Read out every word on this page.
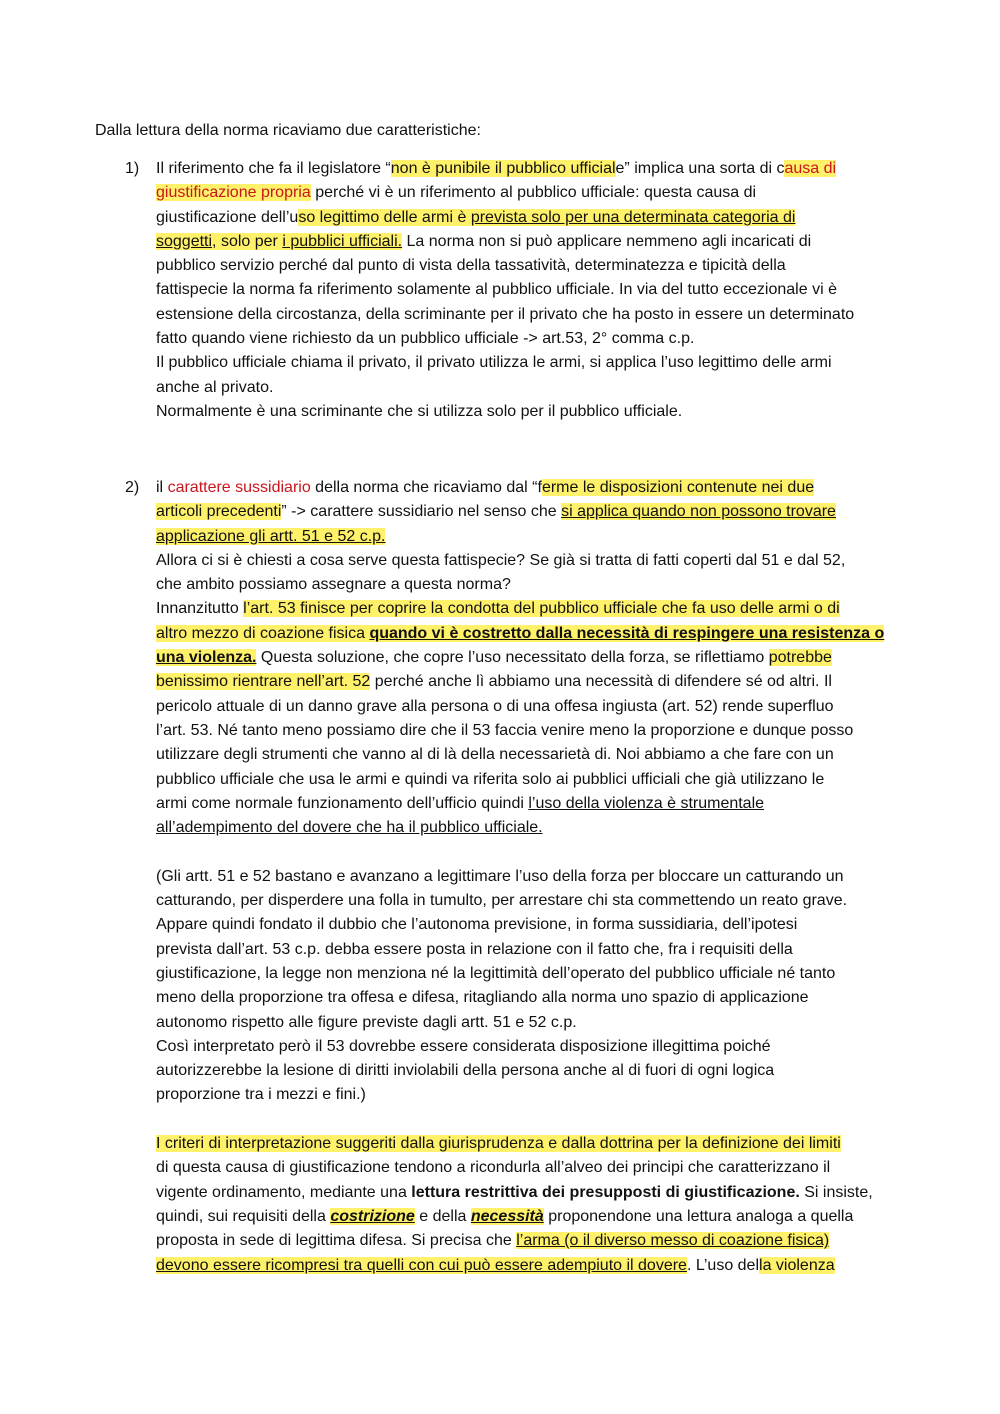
Dalla lettura della norma ricaviamo due caratteristiche:
1)	Il riferimento che fa il legislatore “non è punibile il pubblico ufficiale” implica una sorta di causa di
giustificazione propria perché vi è un riferimento al pubblico ufficiale: questa causa di
giustificazione dell’uso legittimo delle armi è prevista solo per una determinata categoria di
soggetti, solo per i pubblici ufficiali. La norma non si può applicare nemmeno agli incaricati di
pubblico servizio perché dal punto di vista della tassatività, determinatezza e tipicità della
fattispecie la norma fa riferimento solamente al pubblico ufficiale. In via del tutto eccezionale vi è
estensione della circostanza, della scriminante per il privato che ha posto in essere un determinato
fatto quando viene richiesto da un pubblico ufficiale -> art.53, 2° comma c.p.
Il pubblico ufficiale chiama il privato, il privato utilizza le armi, si applica l’uso legittimo delle armi
anche al privato.
Normalmente è una scriminante che si utilizza solo per il pubblico ufficiale.
2)	il carattere sussidiario della norma che ricaviamo dal “ferme le disposizioni contenute nei due
articoli precedenti” -> carattere sussidiario nel senso che si applica quando non possono trovare
applicazione gli artt. 51 e 52 c.p.
Allora ci si è chiesti a cosa serve questa fattispecie? Se già si tratta di fatti coperti dal 51 e dal 52,
che ambito possiamo assegnare a questa norma?
Innanzitutto l’art. 53 finisce per coprire la condotta del pubblico ufficiale che fa uso delle armi o di
altro mezzo di coazione fisica quando vi è costretto dalla necessità di respingere una resistenza o
una violenza. Questa soluzione, che copre l’uso necessitato della forza, se riflettiamo potrebbe
benissimo rientrare nell’art. 52 perché anche lì abbiamo una necessità di difendere sé od altri. Il
pericolo attuale di un danno grave alla persona o di una offesa ingiusta (art. 52) rende superfluo
l’art. 53. Né tanto meno possiamo dire che il 53 faccia venire meno la proporzione e dunque posso
utilizzare degli strumenti che vanno al di là della necessarietà di. Noi abbiamo a che fare con un
pubblico ufficiale che usa le armi e quindi va riferita solo ai pubblici ufficiali che già utilizzano le
armi come normale funzionamento dell’ufficio quindi l’uso della violenza è strumentale
all’adempimento del dovere che ha il pubblico ufficiale.
(Gli artt. 51 e 52 bastano e avanzano a legittimare l’uso della forza per bloccare un catturando un
catturando, per disperdere una folla in tumulto, per arrestare chi sta commettendo un reato grave.
Appare quindi fondato il dubbio che l’autonoma previsione, in forma sussidiaria, dell’ipotesi
prevista dall’art. 53 c.p. debba essere posta in relazione con il fatto che, fra i requisiti della
giustificazione, la legge non menziona né la legittimità dell’operato del pubblico ufficiale né tanto
meno della proporzione tra offesa e difesa, ritagliando alla norma uno spazio di applicazione
autonomo rispetto alle figure previste dagli artt. 51 e 52 c.p.
Così interpretato però il 53 dovrebbe essere considerata disposizione illegittima poiché
autorizzerebbe la lesione di diritti inviolabili della persona anche al di fuori di ogni logica
proporzione tra i mezzi e fini.)
I criteri di interpretazione suggeriti dalla giurisprudenza e dalla dottrina per la definizione dei limiti
di questa causa di giustificazione tendono a ricondurla all’alveo dei principi che caratterizzano il
vigente ordinamento, mediante una lettura restrittiva dei presupposti di giustificazione. Si insiste,
quindi, sui requisiti della costrizione e della necessità proponendone una lettura analoga a quella
proposta in sede di legittima difesa. Si precisa che l’arma (o il diverso messo di coazione fisica)
devono essere ricompresi tra quelli con cui può essere adempiuto il dovere. L’uso della violenza
